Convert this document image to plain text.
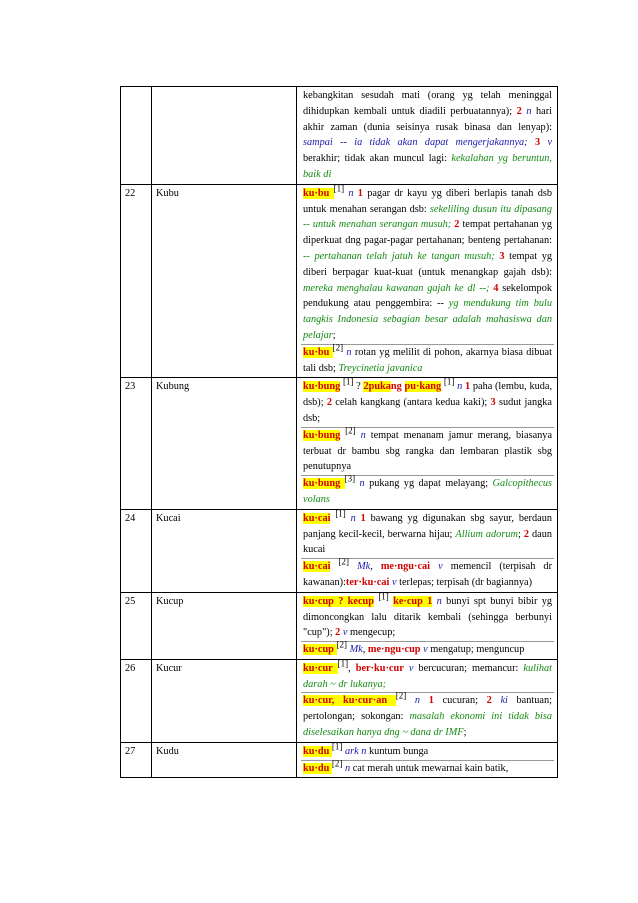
		kebangkitan sesudah mati (orang yg telah meninggal dihidupkan kembali untuk diadili perbuatannya); 2 n hari akhir zaman (dunia seisinya rusak binasa dan lenyap): sampai -- ia tidak akan dapat mengerjakannya; 3 v berakhir; tidak akan muncul lagi: kekalahan yg beruntun, baik di

22	Kubu	ku·bu [1] n 1 pagar dr kayu yg diberi berlapis tanah dsb untuk menahan serangan dsb: sekeliling dusun itu dipasang -- untuk menahan serangan musuh; 2 tempat pertahanan yg diperkuat dng pagar-pagar pertahanan; benteng pertahanan: -- pertahanan telah jatuh ke tangan musuh; 3 tempat yg diberi berpagar kuat-kuat (untuk menangkap gajah dsb): mereka menghalau kawanan gajah ke dl --; 4 sekelompok pendukung atau penggembira: -- yg mendukung tim bulu tangkis Indonesia sebagian besar adalah mahasiswa dan pelajar;
ku·bu [2] n rotan yg melilit di pohon, akarnya biasa dibuat tali dsb; Treycinetia javanica

23	Kubung	ku·bung [1] ? 2pukang pu·kang [1] n 1 paha (lembu, kuda, dsb); 2 celah kangkang (antara kedua kaki); 3 sudut jangka dsb;
ku·bung [2] n tempat menanam jamur merang, biasanya terbuat dr bambu sbg rangka dan lembaran plastik sbg penutupnya
ku·bung [3] n pukang yg dapat melayang; Galcopithecus volans

24	Kucai	ku·cai [1] n 1 bawang yg digunakan sbg sayur, berdaun panjang kecil-kecil, berwarna hijau; Allium adorum; 2 daun kucai
ku·cai [2] Mk, me·ngu·cai v memencil (terpisah dr kawanan):ter·ku·cai v terlepas; terpisah (dr bagiannya)

25	Kucup	ku·cup ? kecup [1] ke·cup 1 n bunyi spt bunyi bibir yg dimoncongkan lalu ditarik kembali (sehingga berbunyi "cup"); 2 v mengecup;
ku·cup [2] Mk, me·ngu·cup v mengatup; menguncup

26	Kucur	ku·cur [1], ber·ku·cur v bercucuran; memancur: kulihat darah ~ dr lukanya;
ku·cur, ku·cur·an [2] n 1 cucuran; 2 ki bantuan; pertolongan; sokongan: masalah ekonomi ini tidak bisa diselesaikan hanya dng ~ dana dr IMF;

27	Kudu	ku·du [1] ark n kuntum bunga
ku·du [2] n cat merah untuk mewarnai kain batik,
